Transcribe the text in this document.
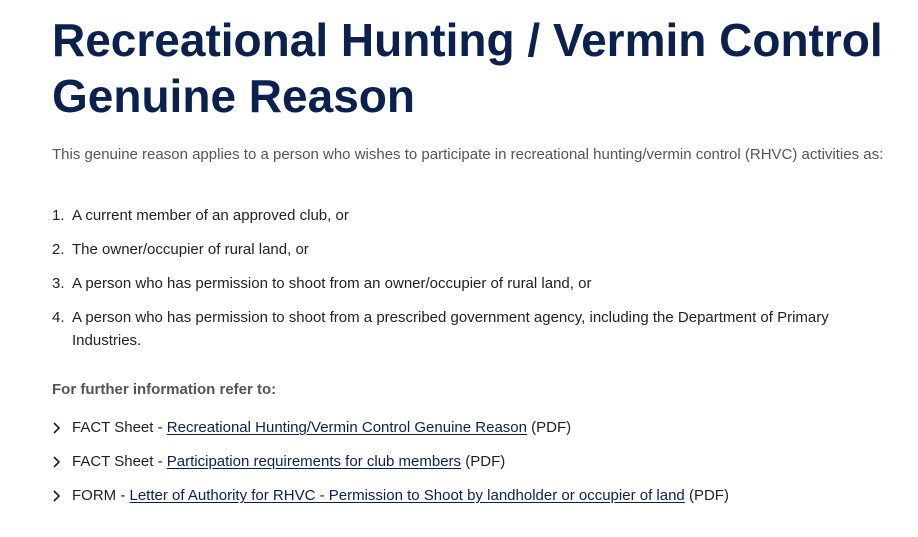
Recreational Hunting / Vermin Control Genuine Reason

This genuine reason applies to a person who wishes to participate in recreational hunting/vermin control (RHVC) activities as:

1. A current member of an approved club, or
2. The owner/occupier of rural land, or
3. A person who has permission to shoot from an owner/occupier of rural land, or
4. A person who has permission to shoot from a prescribed government agency, including the Department of Primary Industries.

For further information refer to:

FACT Sheet - Recreational Hunting/Vermin Control Genuine Reason (PDF)
FACT Sheet - Participation requirements for club members (PDF)
FORM - Letter of Authority for RHVC - Permission to Shoot by landholder or occupier of land (PDF)
